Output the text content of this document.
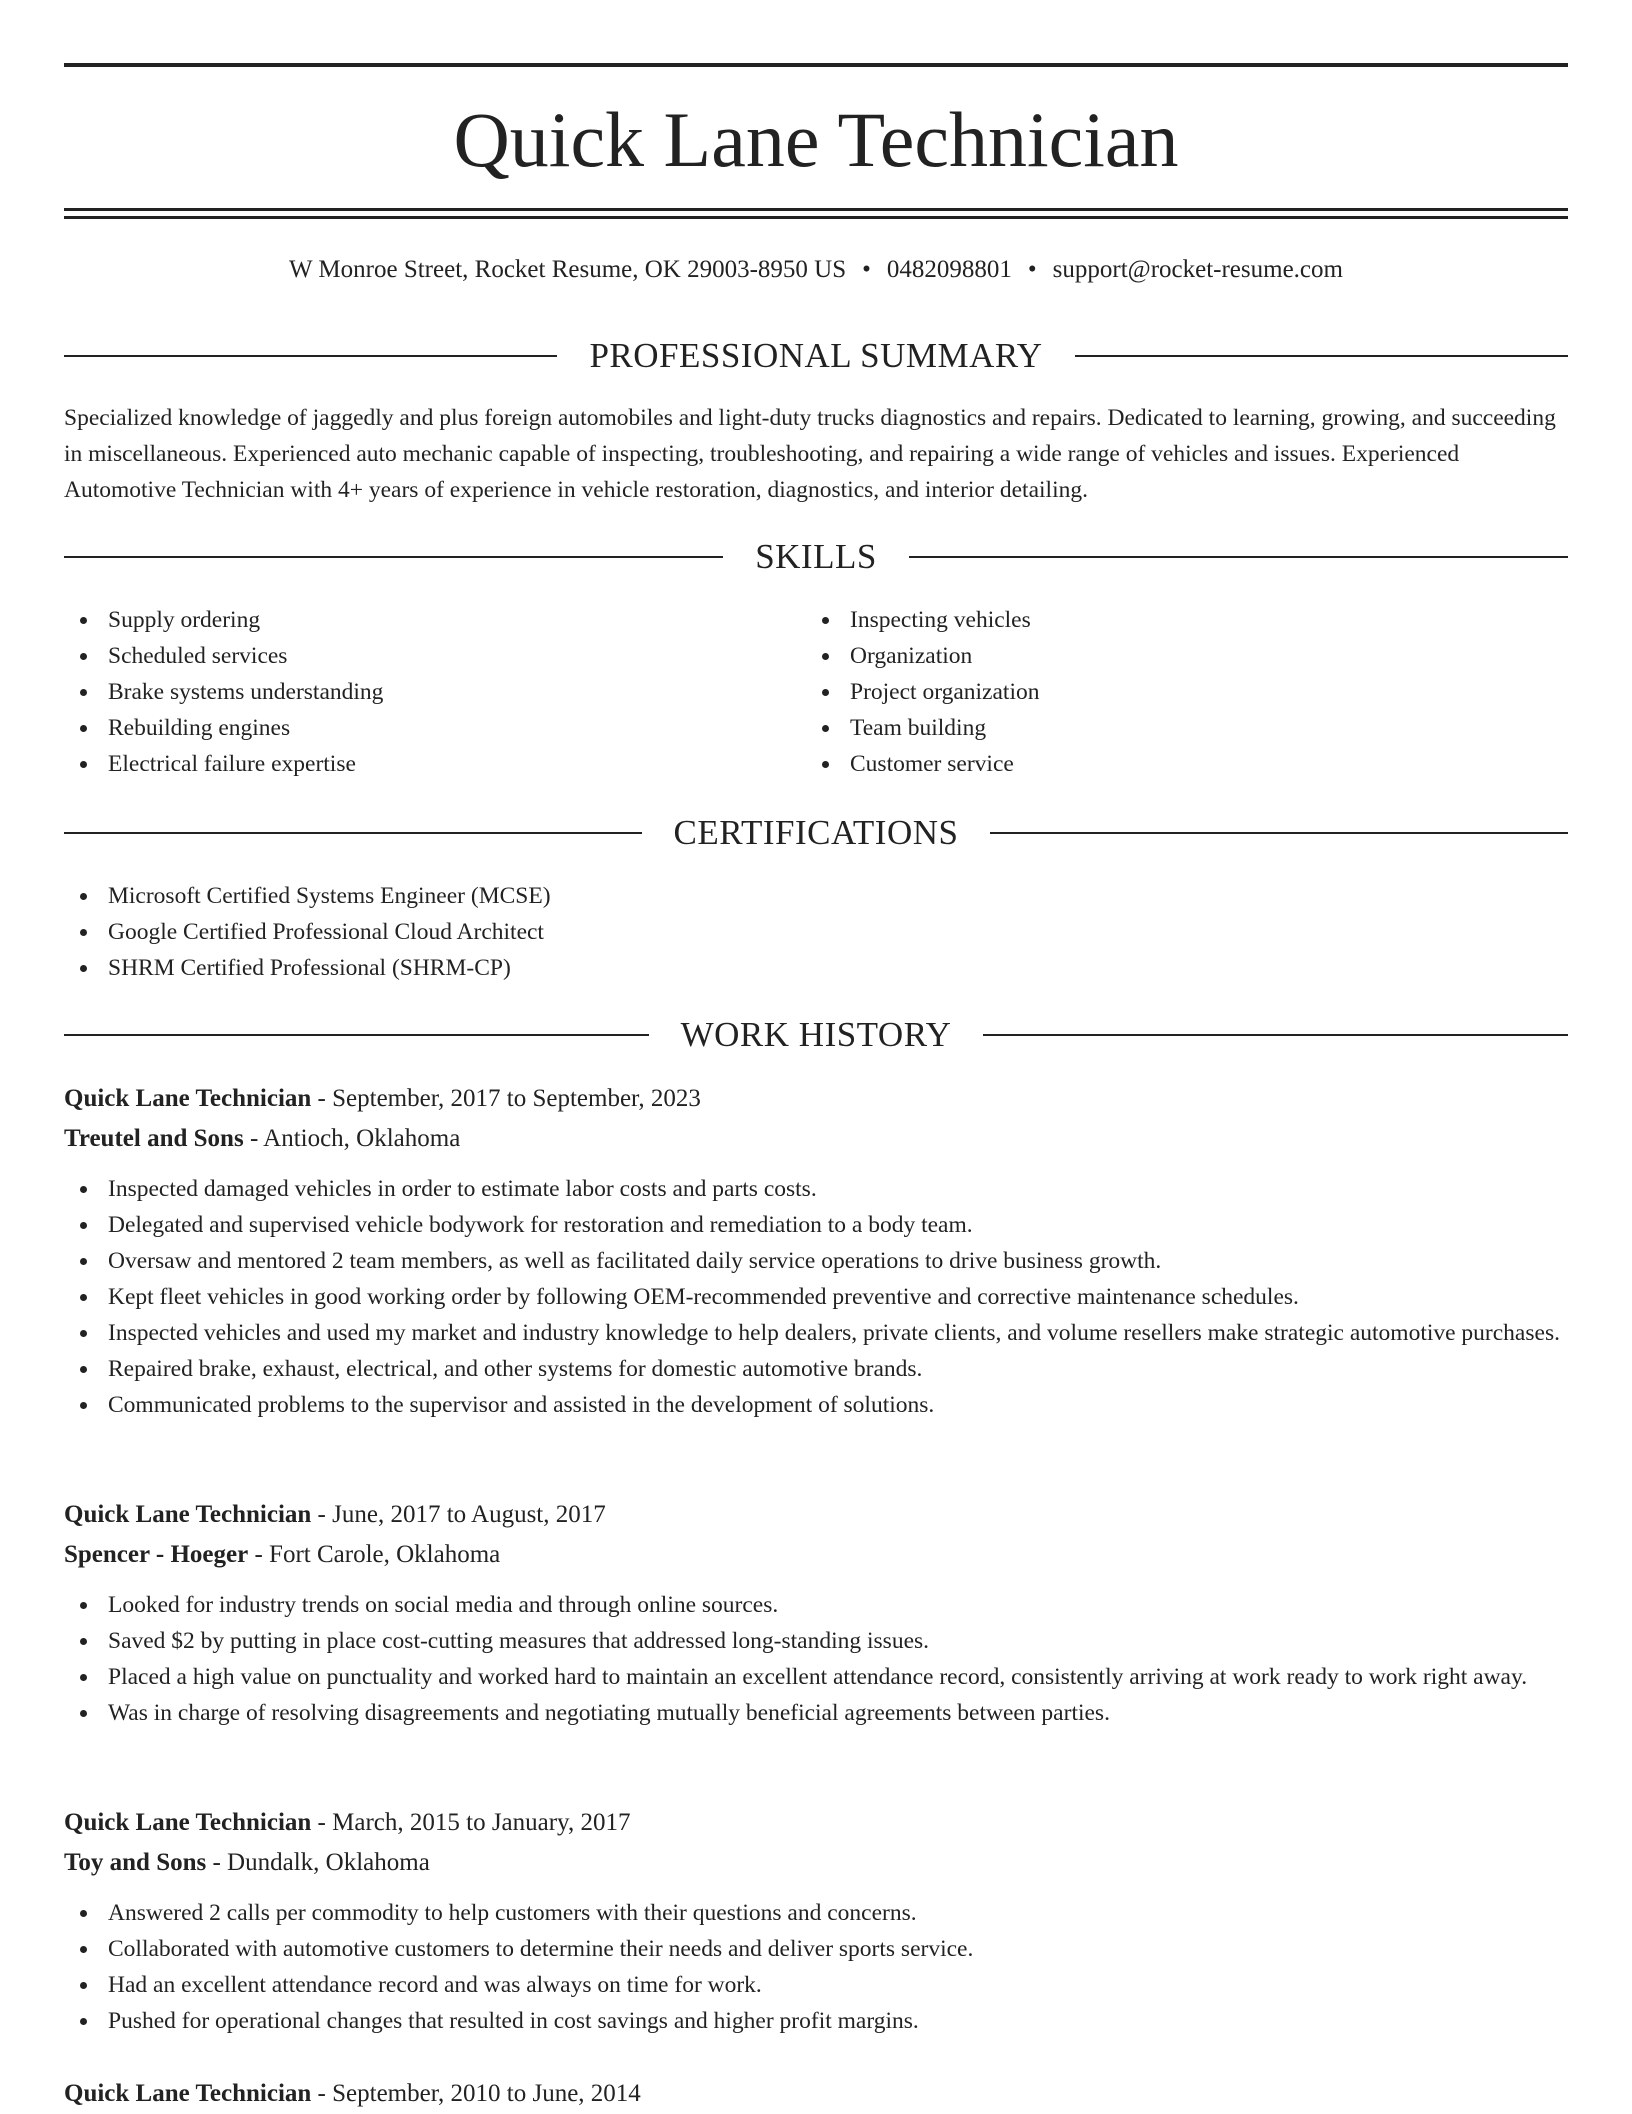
Quick Lane Technician
W Monroe Street, Rocket Resume, OK 29003-8950 US • 0482098801 • support@rocket-resume.com
PROFESSIONAL SUMMARY

Specialized knowledge of jaggedly and plus foreign automobiles and light-duty trucks diagnostics and repairs. Dedicated to learning, growing, and succeeding in miscellaneous. Experienced auto mechanic capable of inspecting, troubleshooting, and repairing a wide range of vehicles and issues. Experienced Automotive Technician with 4+ years of experience in vehicle restoration, diagnostics, and interior detailing.

SKILLS
Supply ordering
Scheduled services
Brake systems understanding
Rebuilding engines
Electrical failure expertise
Inspecting vehicles
Organization
Project organization
Team building
Customer service
CERTIFICATIONS
Microsoft Certified Systems Engineer (MCSE)
Google Certified Professional Cloud Architect
SHRM Certified Professional (SHRM-CP)
WORK HISTORY
Quick Lane Technician - September, 2017 to September, 2023
Treutel and Sons - Antioch, Oklahoma
Inspected damaged vehicles in order to estimate labor costs and parts costs.
Delegated and supervised vehicle bodywork for restoration and remediation to a body team.
Oversaw and mentored 2 team members, as well as facilitated daily service operations to drive business growth.
Kept fleet vehicles in good working order by following OEM-recommended preventive and corrective maintenance schedules.
Inspected vehicles and used my market and industry knowledge to help dealers, private clients, and volume resellers make strategic automotive purchases.
Repaired brake, exhaust, electrical, and other systems for domestic automotive brands.
Communicated problems to the supervisor and assisted in the development of solutions.
Quick Lane Technician - June, 2017 to August, 2017
Spencer - Hoeger - Fort Carole, Oklahoma
Looked for industry trends on social media and through online sources.
Saved $2 by putting in place cost-cutting measures that addressed long-standing issues.
Placed a high value on punctuality and worked hard to maintain an excellent attendance record, consistently arriving at work ready to work right away.
Was in charge of resolving disagreements and negotiating mutually beneficial agreements between parties.
Quick Lane Technician - March, 2015 to January, 2017
Toy and Sons - Dundalk, Oklahoma
Answered 2 calls per commodity to help customers with their questions and concerns.
Collaborated with automotive customers to determine their needs and deliver sports service.
Had an excellent attendance record and was always on time for work.
Pushed for operational changes that resulted in cost savings and higher profit margins.
Quick Lane Technician - September, 2010 to June, 2014
